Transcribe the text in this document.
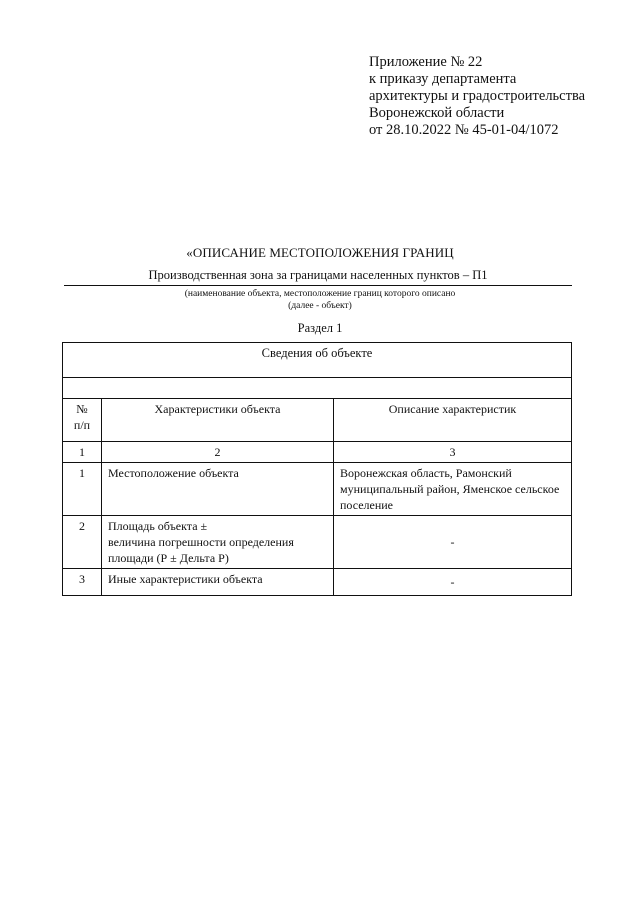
Приложение № 22
к приказу департамента
архитектуры и градостроительства
Воронежской области
от 28.10.2022 № 45-01-04/1072
«ОПИСАНИЕ МЕСТОПОЛОЖЕНИЯ ГРАНИЦ
Производственная зона за границами населенных пунктов – П1
(наименование объекта, местоположение границ которого описано
(далее - объект)
Раздел 1
Сведения об объекте		

№
п/п	Характеристики объекта	Описание характеристик
1	2	3
1	Местоположение объекта	Воронежская область, Рамонский муниципальный район, Яменское сельское поселение
2	Площадь объекта ±
величина погрешности определения
площади (Р ± Дельта Р)	-
3	Иные характеристики объекта	-
